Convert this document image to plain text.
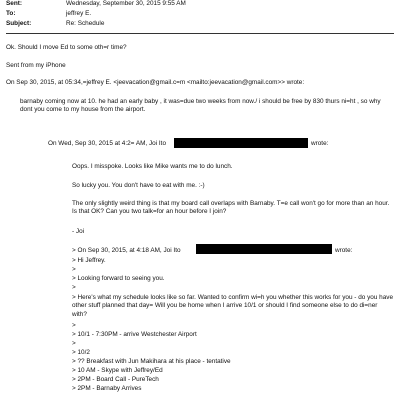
Sent:	Wednesday, September 30, 2015 9:55 AM
To:	jeffrey E.
Subject:	Re: Schedule
Ok. Should I move Ed to some oth=r time?
Sent from my iPhone
On Sep 30, 2015, at 05:34,=jeffrey E. <jeevacation@gmail.c=m <mailto:jeevacation@gmail.com>> wrote:
barnaby coming now at 10. he had an early baby , it was=due two weeks from now./ i should be free by 830 thurs ni=ht , so why dont you come to my house from the airport.
On Wed, Sep 30, 2015 at 4:2= AM, Joi Ito	wrote:
Oops. I misspoke. Looks like Mike wants me to do lunch.
So lucky you. You don't have to eat with me. :-)
The only slightly weird thing is that my board call overlaps with Barnaby. T=e call won't go for more than an hour. Is that OK? Can you two talk=for an hour before I join?
- Joi
> On Sep 30, 2015, at 4:18 AM, Joi Ito	wrote:
> Hi Jeffrey.
>
> Looking forward to seeing you.
>
> Here's what my schedule looks like so far. Wanted to confirm wi=h you whether this works for you - do you have other stuff planned that day= Will you be home when I arrive 10/1 or should I find someone else to do di=ner with?
>
> 10/1 - 7:30PM - arrive Westchester Airport
>
> 10/2
> ?? Breakfast with Jun Makihara at his place - tentative
> 10 AM - Skype with Jeffrey/Ed
> 2PM - Board Call - PureTech
> 2PM - Barnaby Arrives
